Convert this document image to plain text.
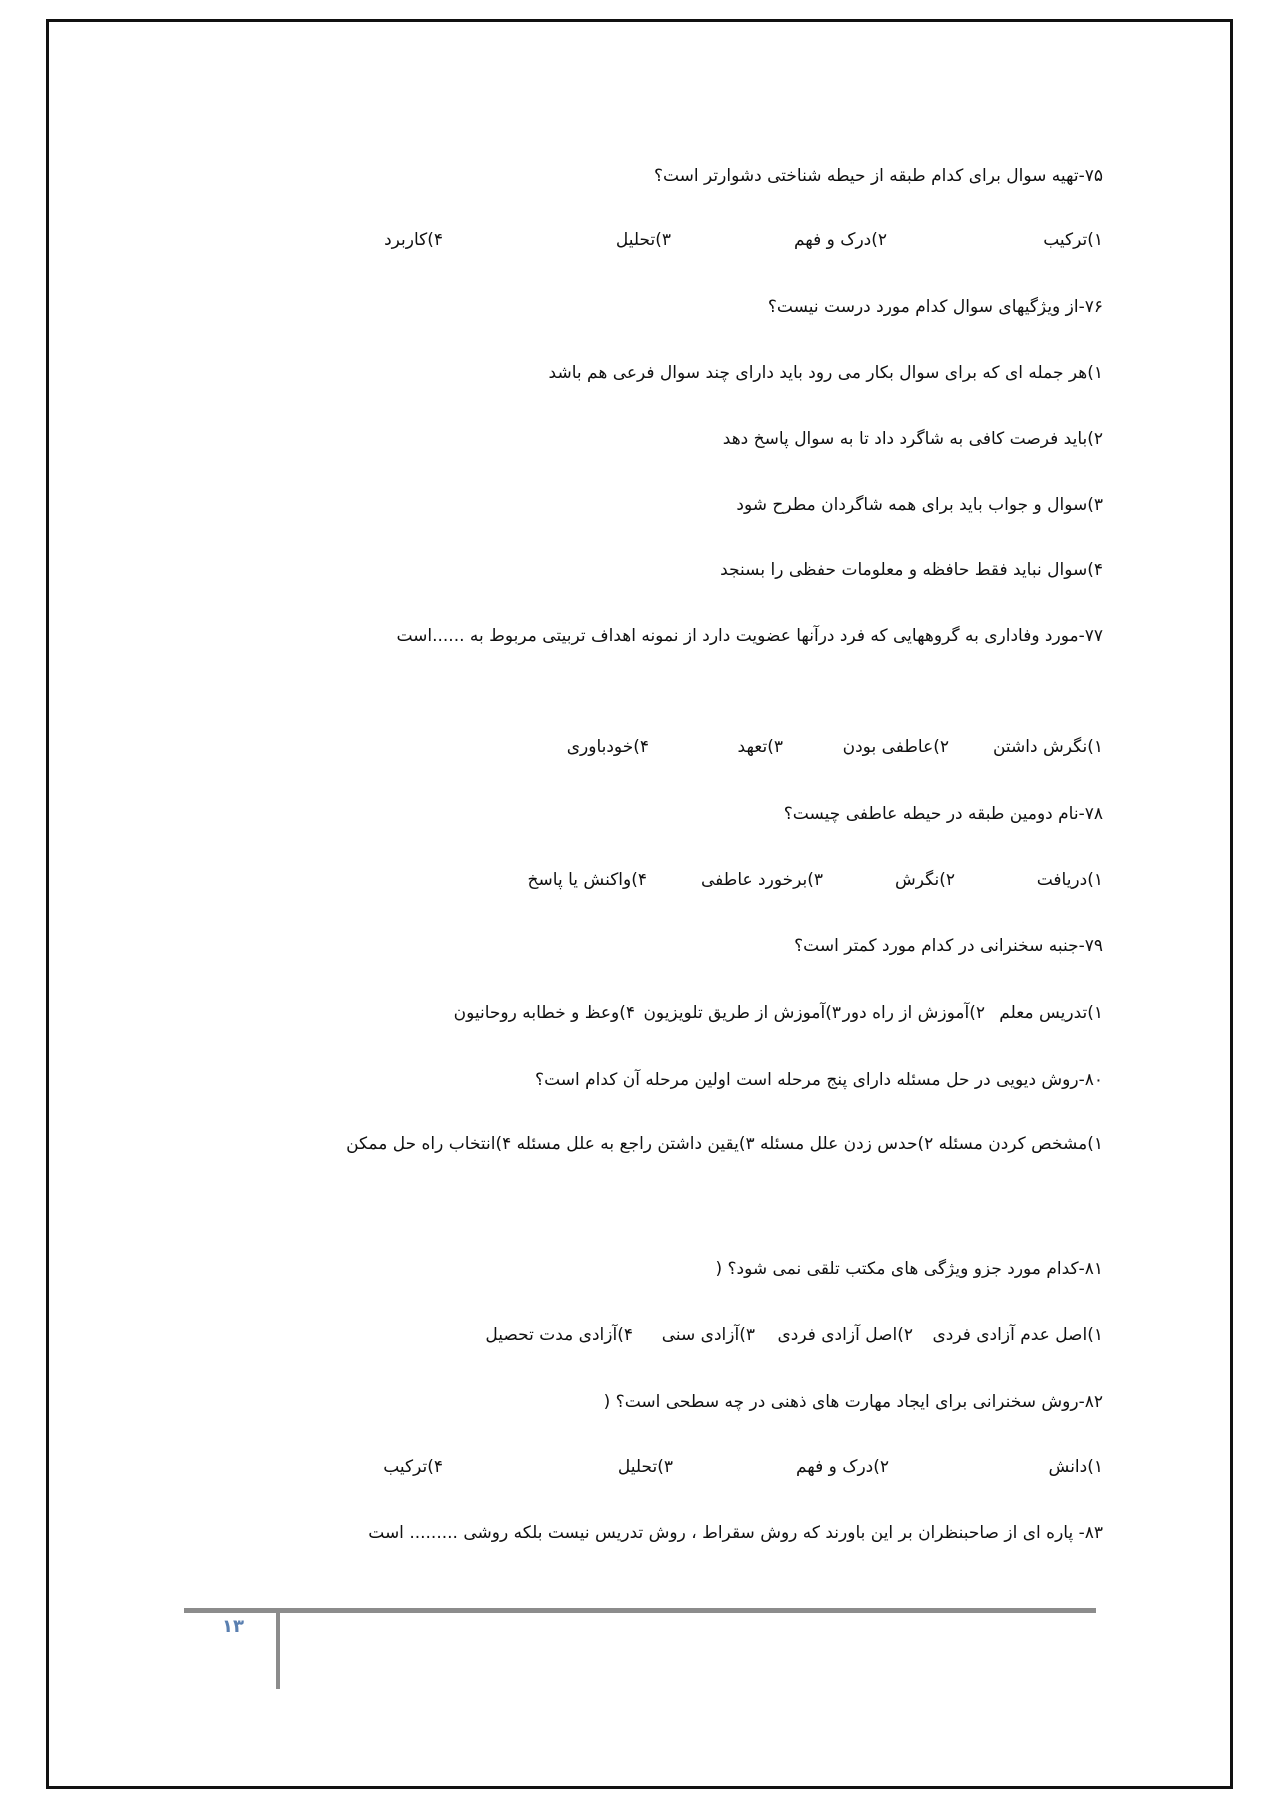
۷۵-تهیه سوال برای کدام طبقه از حیطه شناختی دشوارتر است؟
۱)ترکیب
۲)درک و فهم
۳)تحلیل
۴)کاربرد
۷۶-از ویژگیهای سوال کدام مورد درست نیست؟
۱)هر جمله ای که برای سوال بکار می رود باید دارای چند سوال فرعی هم باشد
۲)باید فرصت کافی به شاگرد داد تا به سوال پاسخ دهد
۳)سوال و جواب باید برای همه شاگردان مطرح شود
۴)سوال نباید فقط حافظه و معلومات حفظی را بسنجد
۷۷-مورد وفاداری به گروههایی که فرد درآنها عضویت دارد از نمونه اهداف تربیتی مربوط به ......است
۱)نگرش داشتن
۲)عاطفی بودن
۳)تعهد
۴)خودباوری
۷۸-نام دومین طبقه در حیطه عاطفی چیست؟
۱)دریافت
۲)نگرش
۳)برخورد عاطفی
۴)واکنش یا پاسخ
۷۹-جنبه سخنرانی در کدام مورد کمتر است؟
۱)تدریس معلم
۲)آموزش از راه دور
۳)آموزش از طریق تلویزیون
۴)وعظ و خطابه روحانیون
۸۰-روش دیویی در حل مسئله دارای پنج مرحله است اولین مرحله آن کدام است؟
۱)مشخص کردن مسئله ۲)حدس زدن علل مسئله ۳)یقین داشتن راجع به علل مسئله ۴)انتخاب راه حل ممکن
۸۱-کدام مورد جزو ویژگی های مکتب تلقی نمی شود؟ (
۱)اصل عدم آزادی فردی
۲)اصل آزادی فردی
۳)آزادی سنی
۴)آزادی مدت تحصیل
۸۲-روش سخنرانی برای ایجاد مهارت های ذهنی در چه سطحی است؟ (
۱)دانش
۲)درک و فهم
۳)تحلیل
۴)ترکیب
۸۳- پاره ای از صاحبنظران بر این باورند که روش سقراط ، روش تدریس نیست بلکه روشی ......... است
۱۳
